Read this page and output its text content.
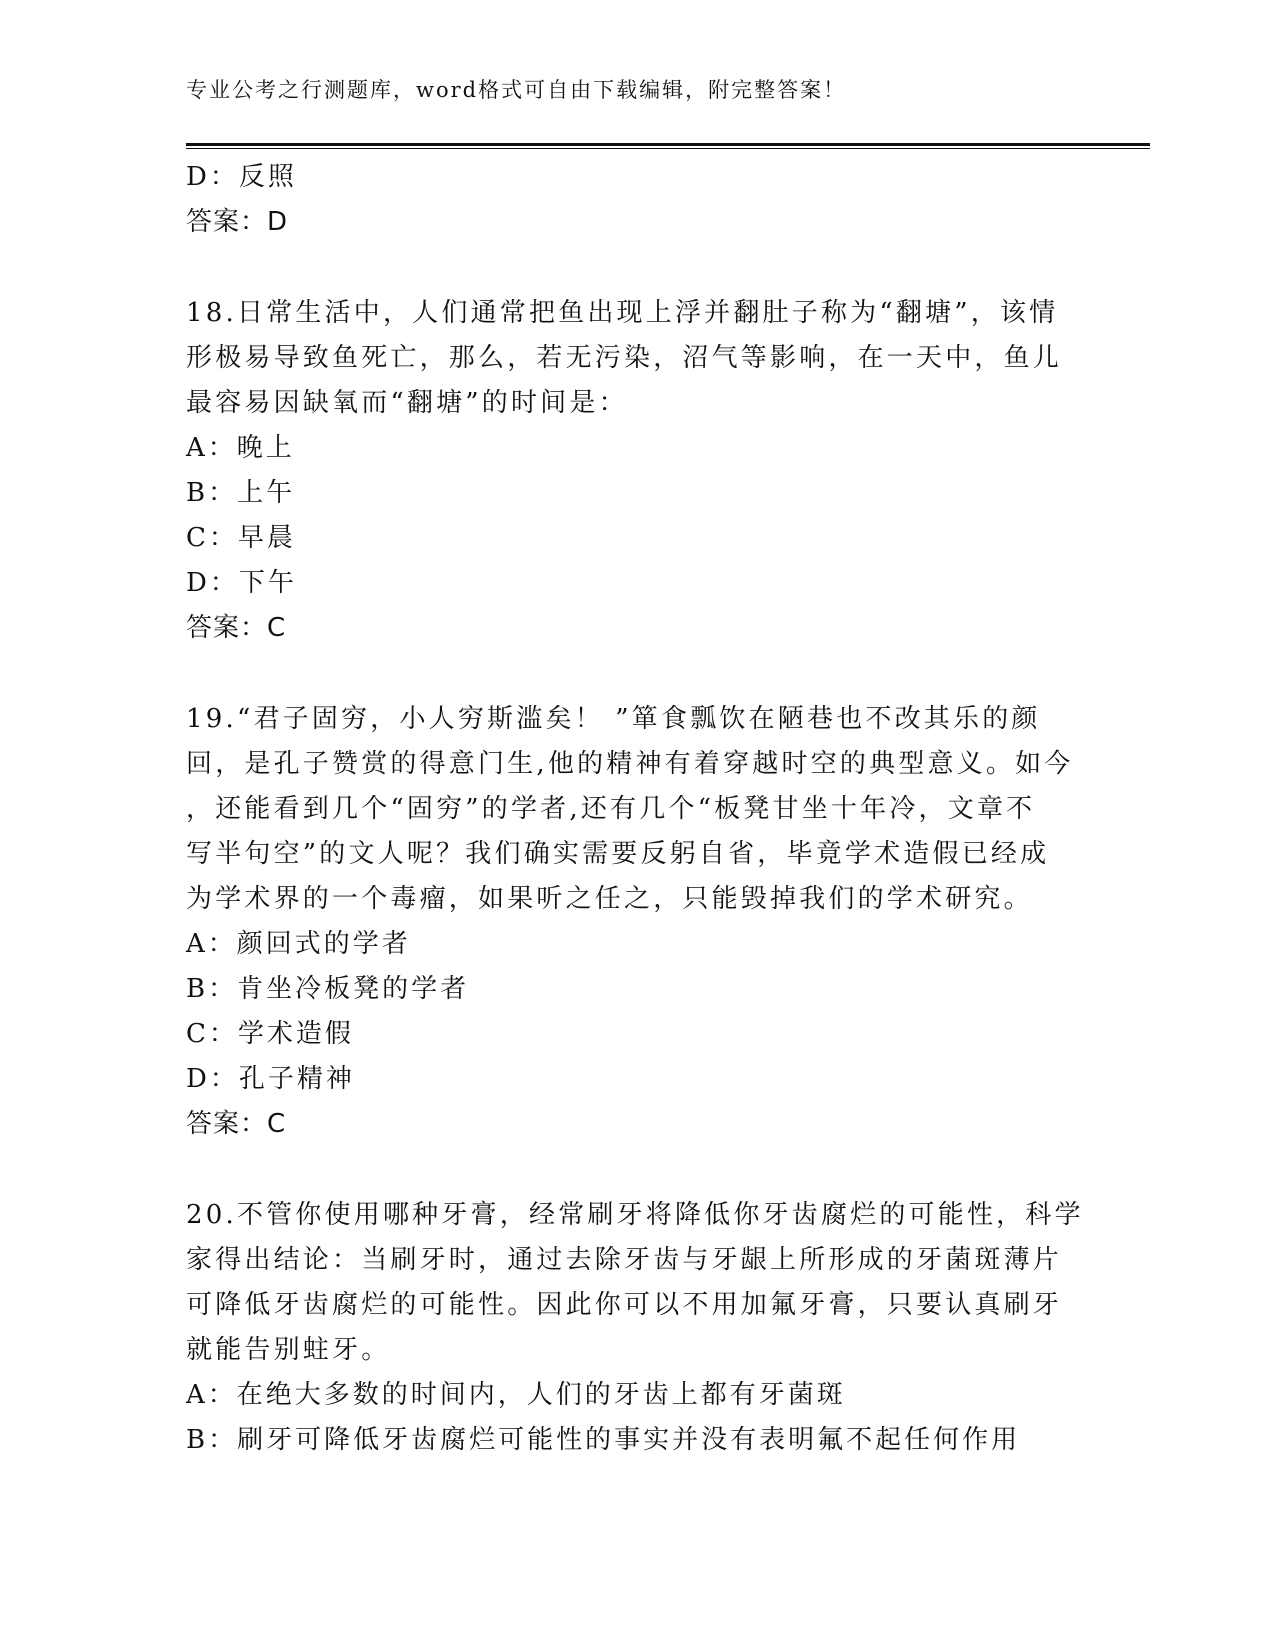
专业公考之行测题库，word格式可自由下载编辑，附完整答案！
D：反照
答案：D
18.日常生活中，人们通常把鱼出现上浮并翻肚子称为“翻塘”，该情
形极易导致鱼死亡，那么，若无污染，沼气等影响，在一天中，鱼儿
最容易因缺氧而“翻塘”的时间是：
A：晚上
B：上午
C：早晨
D：下午
答案：C
19.“君子固穷，小人穷斯滥矣！ ”箪食瓢饮在陋巷也不改其乐的颜
回，是孔子赞赏的得意门生,他的精神有着穿越时空的典型意义。如今
，还能看到几个“固穷”的学者,还有几个“板凳甘坐十年冷，文章不
写半句空”的文人呢？我们确实需要反躬自省，毕竟学术造假已经成
为学术界的一个毒瘤，如果听之任之，只能毁掉我们的学术研究。
A：颜回式的学者
B：肯坐冷板凳的学者
C：学术造假
D：孔子精神
答案：C
20.不管你使用哪种牙膏，经常刷牙将降低你牙齿腐烂的可能性，科学
家得出结论：当刷牙时，通过去除牙齿与牙龈上所形成的牙菌斑薄片
可降低牙齿腐烂的可能性。因此你可以不用加氟牙膏，只要认真刷牙
就能告别蛀牙。
A：在绝大多数的时间内，人们的牙齿上都有牙菌斑
B：刷牙可降低牙齿腐烂可能性的事实并没有表明氟不起任何作用
